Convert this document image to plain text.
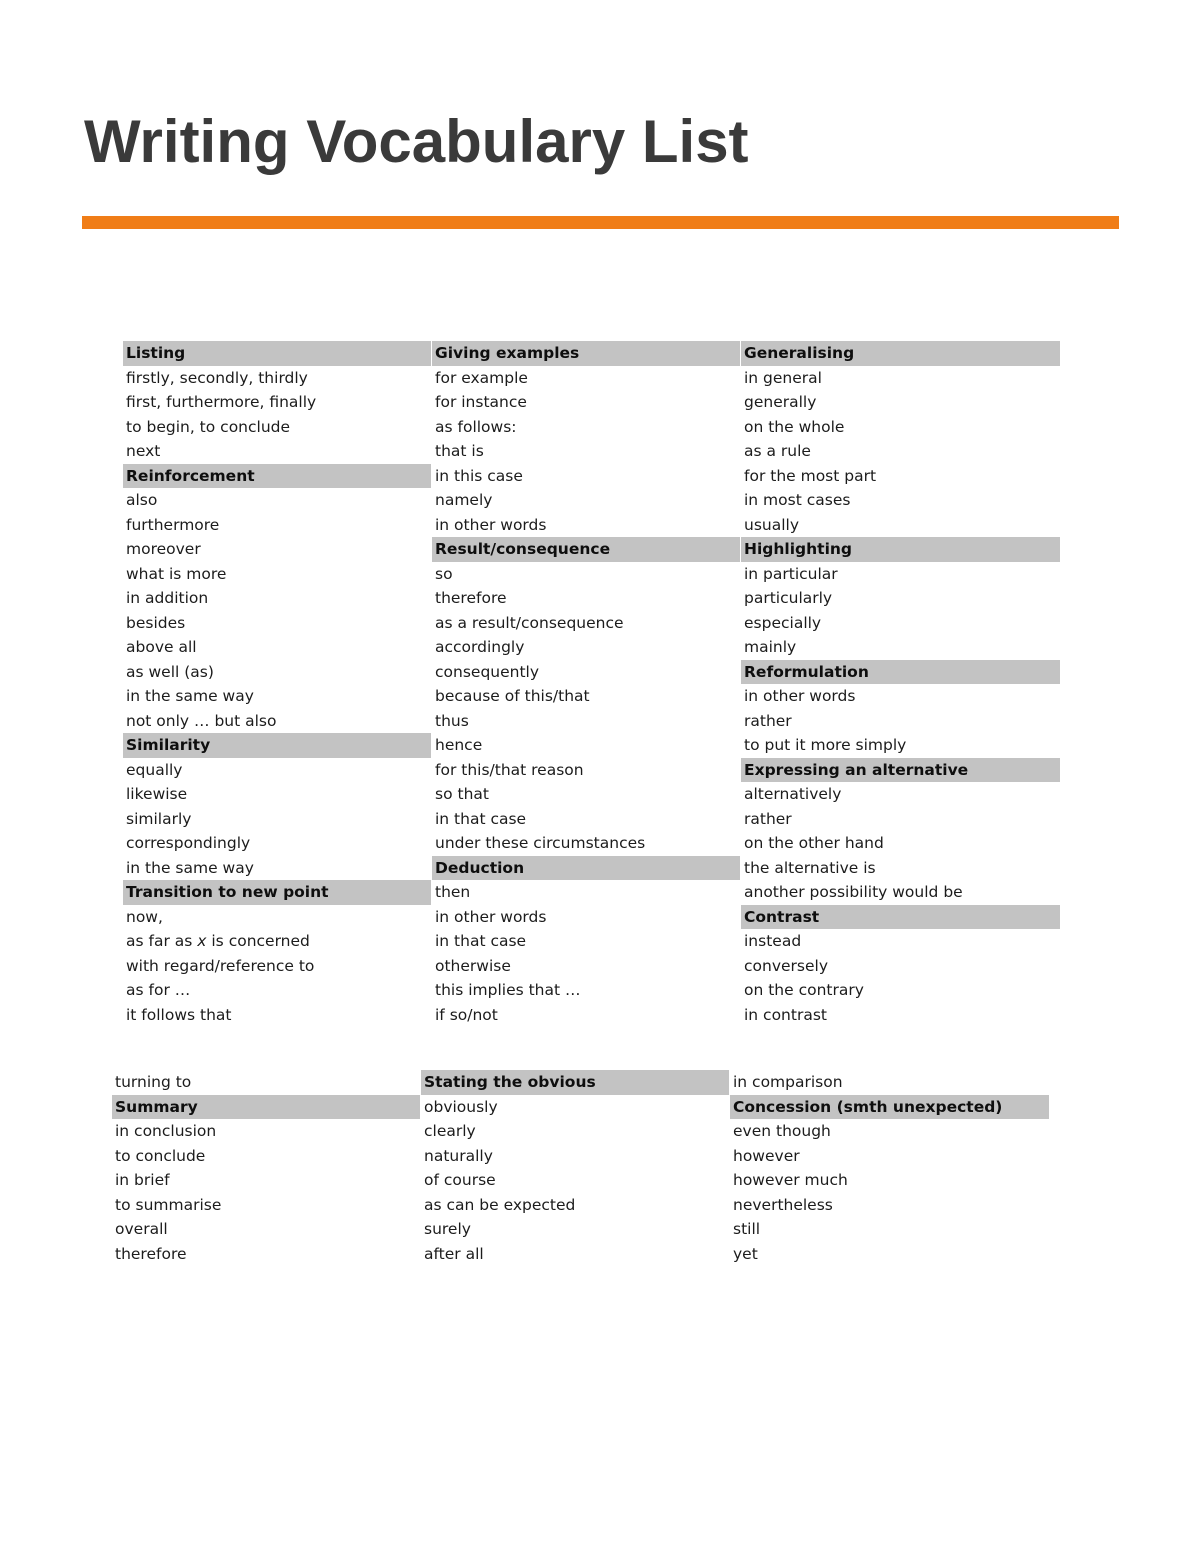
Writing Vocabulary List
Listing
firstly, secondly, thirdly
first, furthermore, finally
to begin, to conclude
next
Reinforcement
also
furthermore
moreover
what is more
in addition
besides
above all
as well (as)
in the same way
not only … but also
Similarity
equally
likewise
similarly
correspondingly
in the same way
Transition to new point
now,
as far as x is concerned
with regard/reference to
as for …
it follows that
Giving examples
for example
for instance
as follows:
that is
in this case
namely
in other words
Result/consequence
so
therefore
as a result/consequence
accordingly
consequently
because of this/that
thus
hence
for this/that reason
so that
in that case
under these circumstances
Deduction
then
in other words
in that case
otherwise
this implies that …
if so/not
Generalising
in general
generally
on the whole
as a rule
for the most part
in most cases
usually
Highlighting
in particular
particularly
especially
mainly
Reformulation
in other words
rather
to put it more simply
Expressing an alternative
alternatively
rather
on the other hand
the alternative is
another possibility would be
Contrast
instead
conversely
on the contrary
in contrast
turning to
Summary
in conclusion
to conclude
in brief
to summarise
overall
therefore
Stating the obvious
obviously
clearly
naturally
of course
as can be expected
surely
after all
in comparison
Concession (smth unexpected)
even though
however
however much
nevertheless
still
yet
